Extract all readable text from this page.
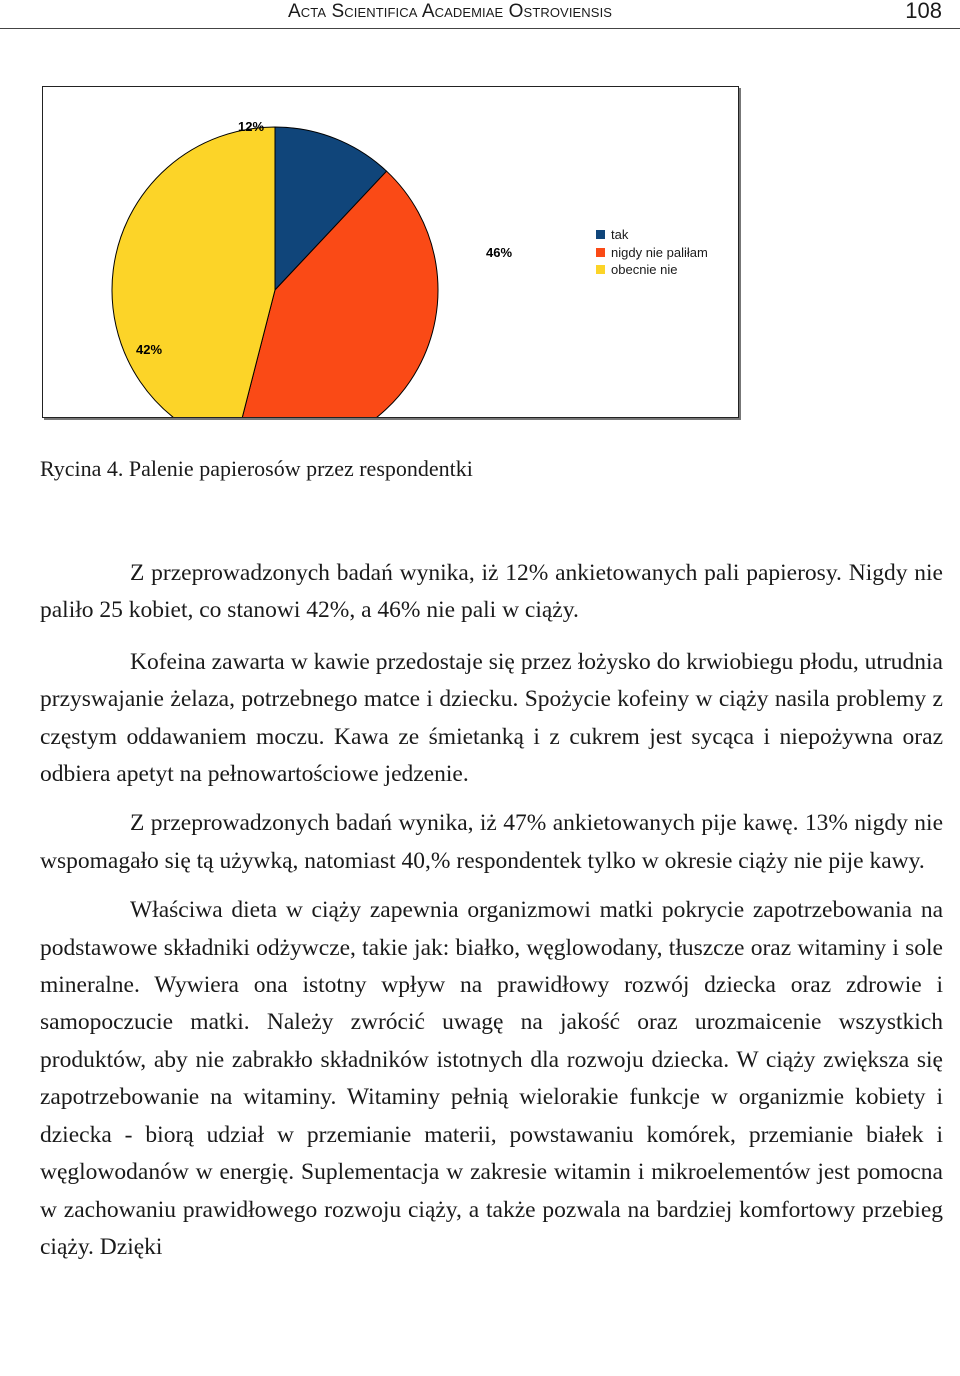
Acta Scientifica Academiae Ostroviensis	108
12%
42%
46%
tak
nigdy nie paliłam
obecnie nie
Rycina 4. Palenie papierosów przez respondentki

Z przeprowadzonych badań wynika, iż 12% ankietowanych pali papierosy. Nigdy nie paliło 25 kobiet, co stanowi 42%, a 46% nie pali w ciąży.

Kofeina zawarta w kawie przedostaje się przez łożysko do krwiobiegu płodu, utrudnia przyswajanie żelaza, potrzebnego matce i dziecku. Spożycie kofeiny w ciąży nasila problemy z częstym oddawaniem moczu. Kawa ze śmietanką i z cukrem jest sycąca i niepożywna oraz odbiera apetyt na pełnowartościowe jedzenie.

Z przeprowadzonych badań wynika, iż 47% ankietowanych pije kawę. 13% nigdy nie wspomagało się tą używką, natomiast 40,% respondentek tylko w okresie ciąży nie pije kawy.

Właściwa dieta w ciąży zapewnia organizmowi matki pokrycie zapotrzebowania na podstawowe składniki odżywcze, takie jak: białko, węglowodany, tłuszcze oraz witaminy i sole mineralne. Wywiera ona istotny wpływ na prawidłowy rozwój dziecka oraz zdrowie i samopoczucie matki. Należy zwrócić uwagę na jakość oraz urozmaicenie wszystkich produktów, aby nie zabrakło składników istotnych dla rozwoju dziecka. W ciąży zwiększa się zapotrzebowanie na witaminy. Witaminy pełnią wielorakie funkcje w organizmie kobiety i dziecka - biorą udział w przemianie materii, powstawaniu komórek, przemianie białek i węglowodanów w energię. Suplementacja w zakresie witamin i mikroelementów jest pomocna w zachowaniu prawidłowego rozwoju ciąży, a także pozwala na bardziej komfortowy przebieg ciąży. Dzięki
